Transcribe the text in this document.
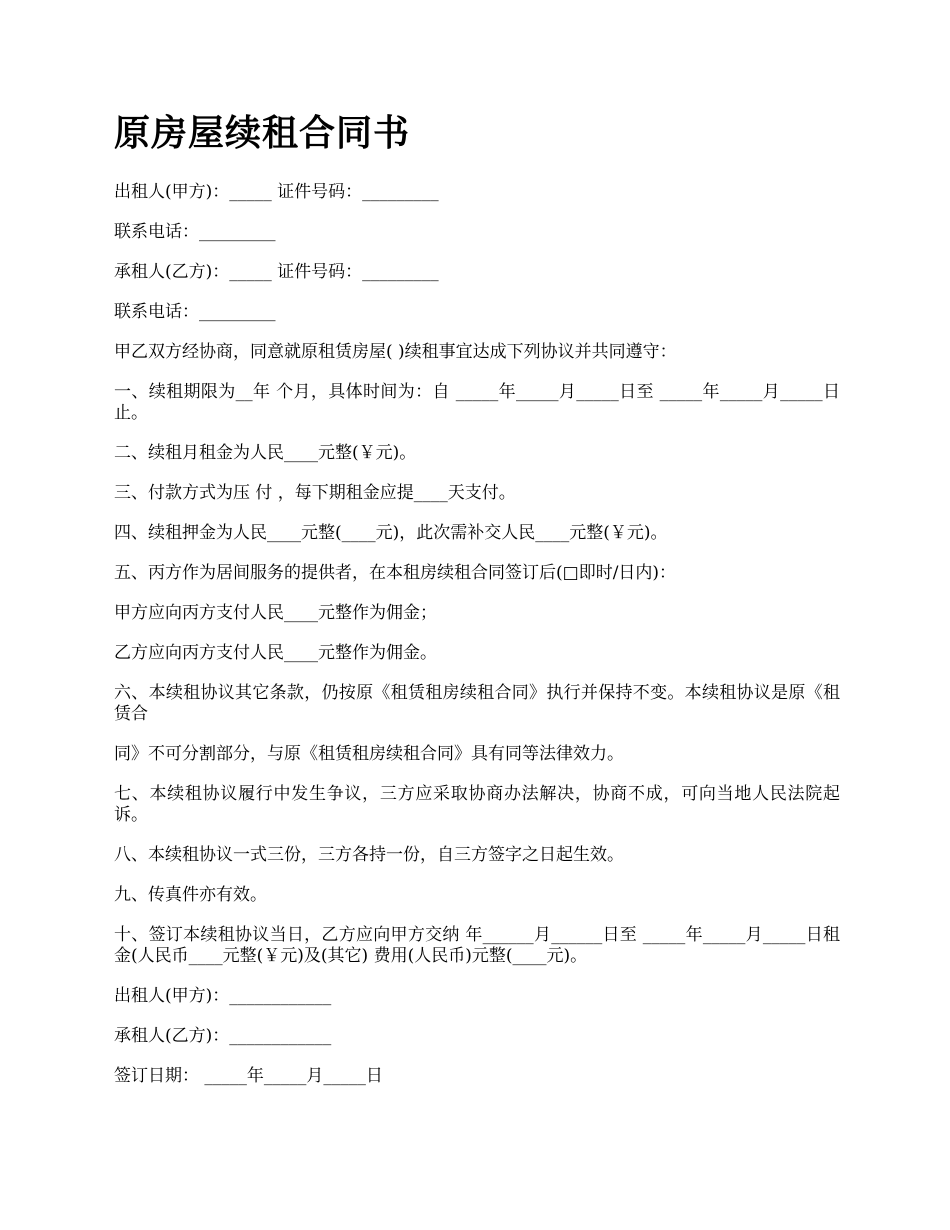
原房屋续租合同书

出租人(甲方)：_____ 证件号码：_________

联系电话：_________

承租人(乙方)：_____ 证件号码：_________

联系电话：_________

甲乙双方经协商，同意就原租赁房屋( )续租事宜达成下列协议并共同遵守：

一、续租期限为__年 个月，具体时间为：自 _____年_____月_____日至 _____年_____月_____日止。

二、续租月租金为人民____元整(￥元)。

三、付款方式为压 付 ，每下期租金应提____天支付。

四、续租押金为人民____元整(____元)，此次需补交人民____元整(￥元)。

五、丙方作为居间服务的提供者，在本租房续租合同签订后(□即时/日内)：

甲方应向丙方支付人民____元整作为佣金；

乙方应向丙方支付人民____元整作为佣金。

六、本续租协议其它条款，仍按原《租赁租房续租合同》执行并保持不变。本续租协议是原《租赁合

同》不可分割部分，与原《租赁租房续租合同》具有同等法律效力。

七、本续租协议履行中发生争议，三方应采取协商办法解决，协商不成，可向当地人民法院起诉。

八、本续租协议一式三份，三方各持一份，自三方签字之日起生效。

九、传真件亦有效。

十、签订本续租协议当日，乙方应向甲方交纳 年______月______日至 _____年_____月_____日租金(人民币____元整(￥元)及(其它) 费用(人民币)元整(____元)。

出租人(甲方)：____________

承租人(乙方)：____________

签订日期： _____年_____月_____日
